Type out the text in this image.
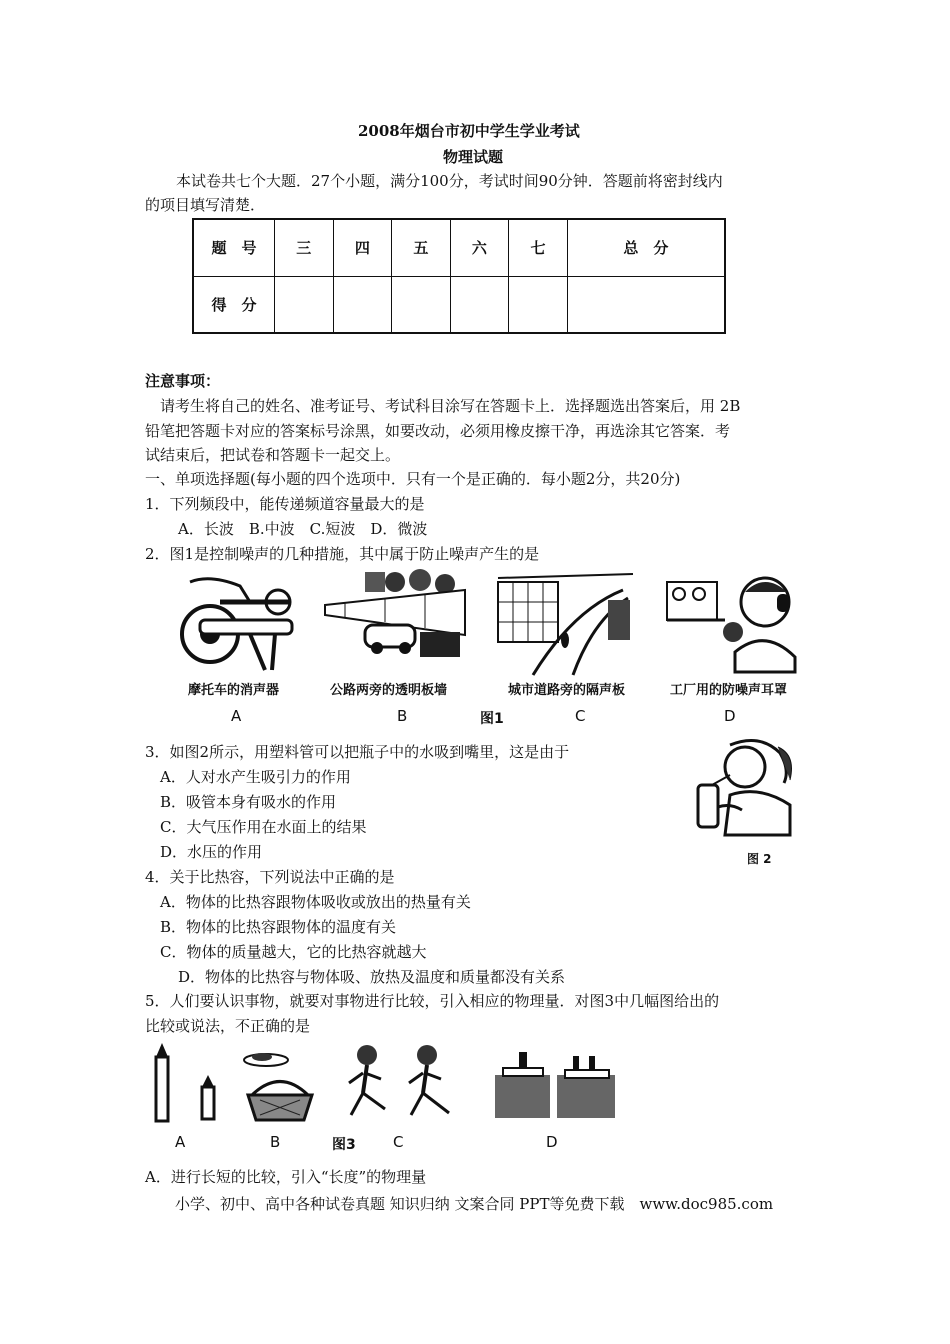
2008年烟台市初中学生学业考试
物理试题
本试卷共七个大题．27个小题，满分100分，考试时间90分钟．答题前将密封线内
的项目填写清楚．
题　号	三	四	五	六	七	总　分
得　分						
注意事项：
请考生将自己的姓名、准考证号、考试科目涂写在答题卡上．选择题选出答案后，用 2B
铅笔把答题卡对应的答案标号涂黑，如要改动，必须用橡皮擦干净，再选涂其它答案．考
试结束后，把试卷和答题卡一起交上。
一、单项选择题(每小题的四个选项中．只有一个是正确的．每小题2分，共20分)
1．下列频段中，能传递频道容量最大的是
A．长波　B.中波　C.短波　D．微波
2．图1是控制噪声的几种措施，其中属于防止噪声产生的是
摩托车的消声器	公路两旁的透明板墙	城市道路旁的隔声板	工厂用的防噪声耳罩
A	B	图1	C	D
3．如图2所示，用塑料管可以把瓶子中的水吸到嘴里，这是由于
A．人对水产生吸引力的作用
B．吸管本身有吸水的作用
C．大气压作用在水面上的结果
D．水压的作用	图 2
4．关于比热容，下列说法中正确的是
A．物体的比热容跟物体吸收或放出的热量有关
B．物体的比热容跟物体的温度有关
C．物体的质量越大，它的比热容就越大
D．物体的比热容与物体吸、放热及温度和质量都没有关系
5．人们要认识事物，就要对事物进行比较，引入相应的物理量．对图3中几幅图给出的
比较或说法，不正确的是
A	B	图3 C	D
A．进行长短的比较，引入“长度”的物理量
小学、初中、高中各种试卷真题 知识归纳 文案合同 PPT等免费下载　www.doc985.com
